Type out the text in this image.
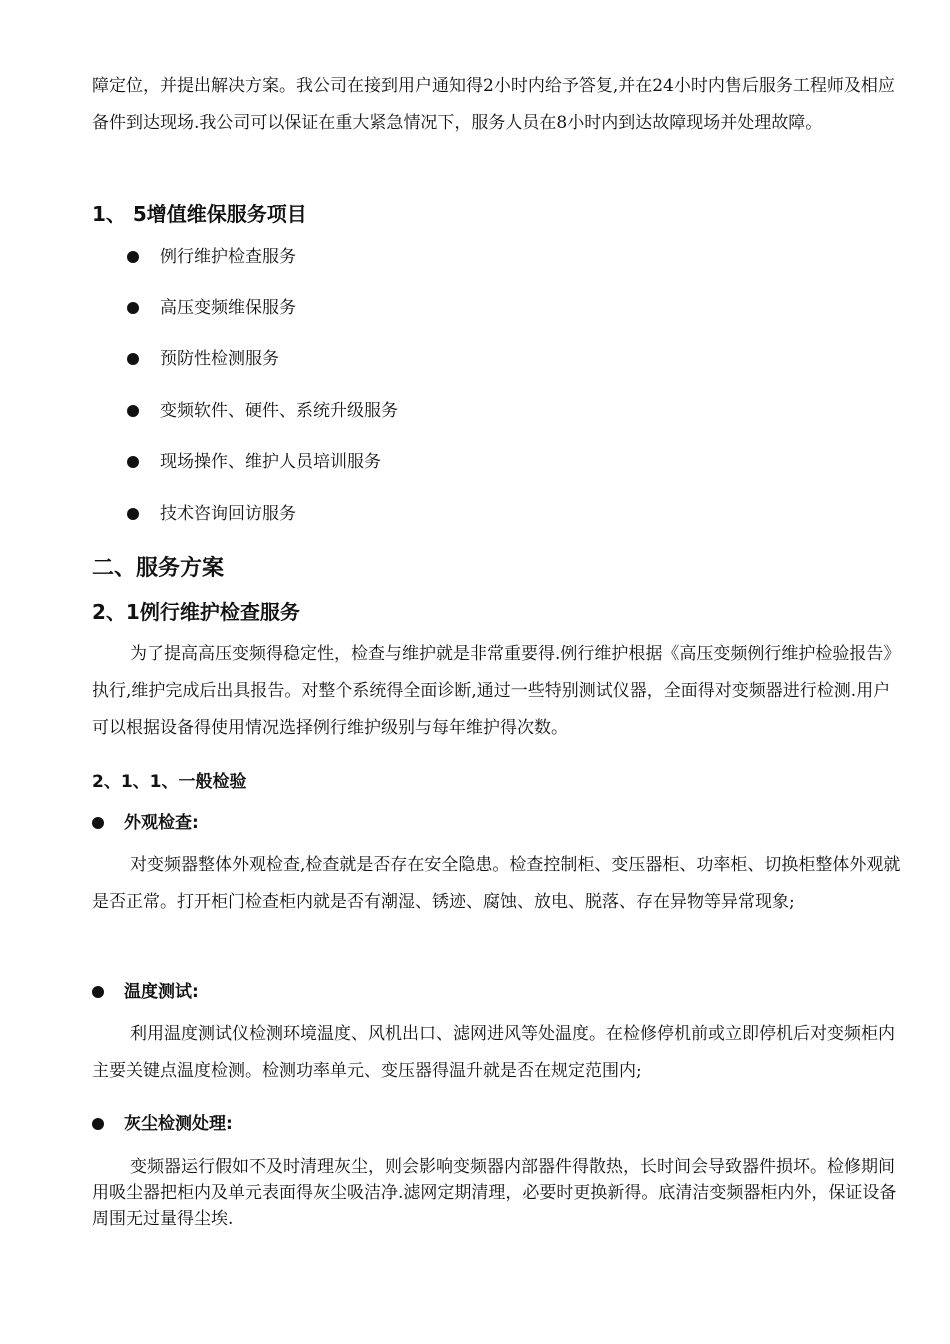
障定位，并提出解决方案。我公司在接到用户通知得2小时内给予答复,并在24小时内售后服务工程师及相应备件到达现场.我公司可以保证在重大紧急情况下，服务人员在8小时内到达故障现场并处理故障。
1、 5增值维保服务项目
例行维护检查服务
高压变频维保服务
预防性检测服务
变频软件、硬件、系统升级服务
现场操作、维护人员培训服务
技术咨询回访服务
二、服务方案
2、1例行维护检查服务
为了提高高压变频得稳定性，检查与维护就是非常重要得.例行维护根据《高压变频例行维护检验报告》执行,维护完成后出具报告。对整个系统得全面诊断,通过一些特别测试仪器，全面得对变频器进行检测.用户可以根据设备得使用情况选择例行维护级别与每年维护得次数。
2、1、1、一般检验
外观检查:
对变频器整体外观检查,检查就是否存在安全隐患。检查控制柜、变压器柜、功率柜、切换柜整体外观就是否正常。打开柜门检查柜内就是否有潮湿、锈迹、腐蚀、放电、脱落、存在异物等异常现象;
温度测试:
利用温度测试仪检测环境温度、风机出口、滤网进风等处温度。在检修停机前或立即停机后对变频柜内主要关键点温度检测。检测功率单元、变压器得温升就是否在规定范围内;
灰尘检测处理:
变频器运行假如不及时清理灰尘，则会影响变频器内部器件得散热，长时间会导致器件损坏。检修期间用吸尘器把柜内及单元表面得灰尘吸洁净.滤网定期清理，必要时更换新得。底清洁变频器柜内外，保证设备周围无过量得尘埃.
